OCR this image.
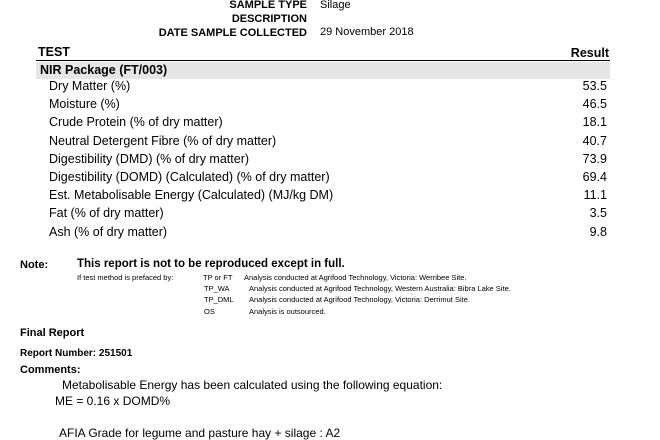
SAMPLE TYPE Silage
DESCRIPTION
DATE SAMPLE COLLECTED 29 November 2018
TEST	Result
NIR Package (FT/003)
Dry Matter (%)	53.5
Moisture (%)	46.5
Crude Protein (% of dry matter)	18.1
Neutral Detergent Fibre (% of dry matter)	40.7
Digestibility (DMD) (% of dry matter)	73.9
Digestibility (DOMD) (Calculated) (% of dry matter)	69.4
Est. Metabolisable Energy (Calculated) (MJ/kg DM)	11.1
Fat (% of dry matter)	3.5
Ash (% of dry matter)	9.8
Note:	This report is not to be reproduced except in full.
If test method is prefaced by:	TP or FT Analysis conducted at Agrifood Technology, Victoria: Werribee Site.
TP_WA	Analysis conducted at Agrifood Technology, Western Australia: Bibra Lake Site.
TP_DML Analysis conducted at Agrifood Technology, Victoria: Derrimut Site.
OS	Analysis is outsourced.
Final Report
Report Number: 251501
Comments:
Metabolisable Energy has been calculated using the following equation:
ME = 0.16 x DOMD%
AFIA Grade for legume and pasture hay + silage : A2
